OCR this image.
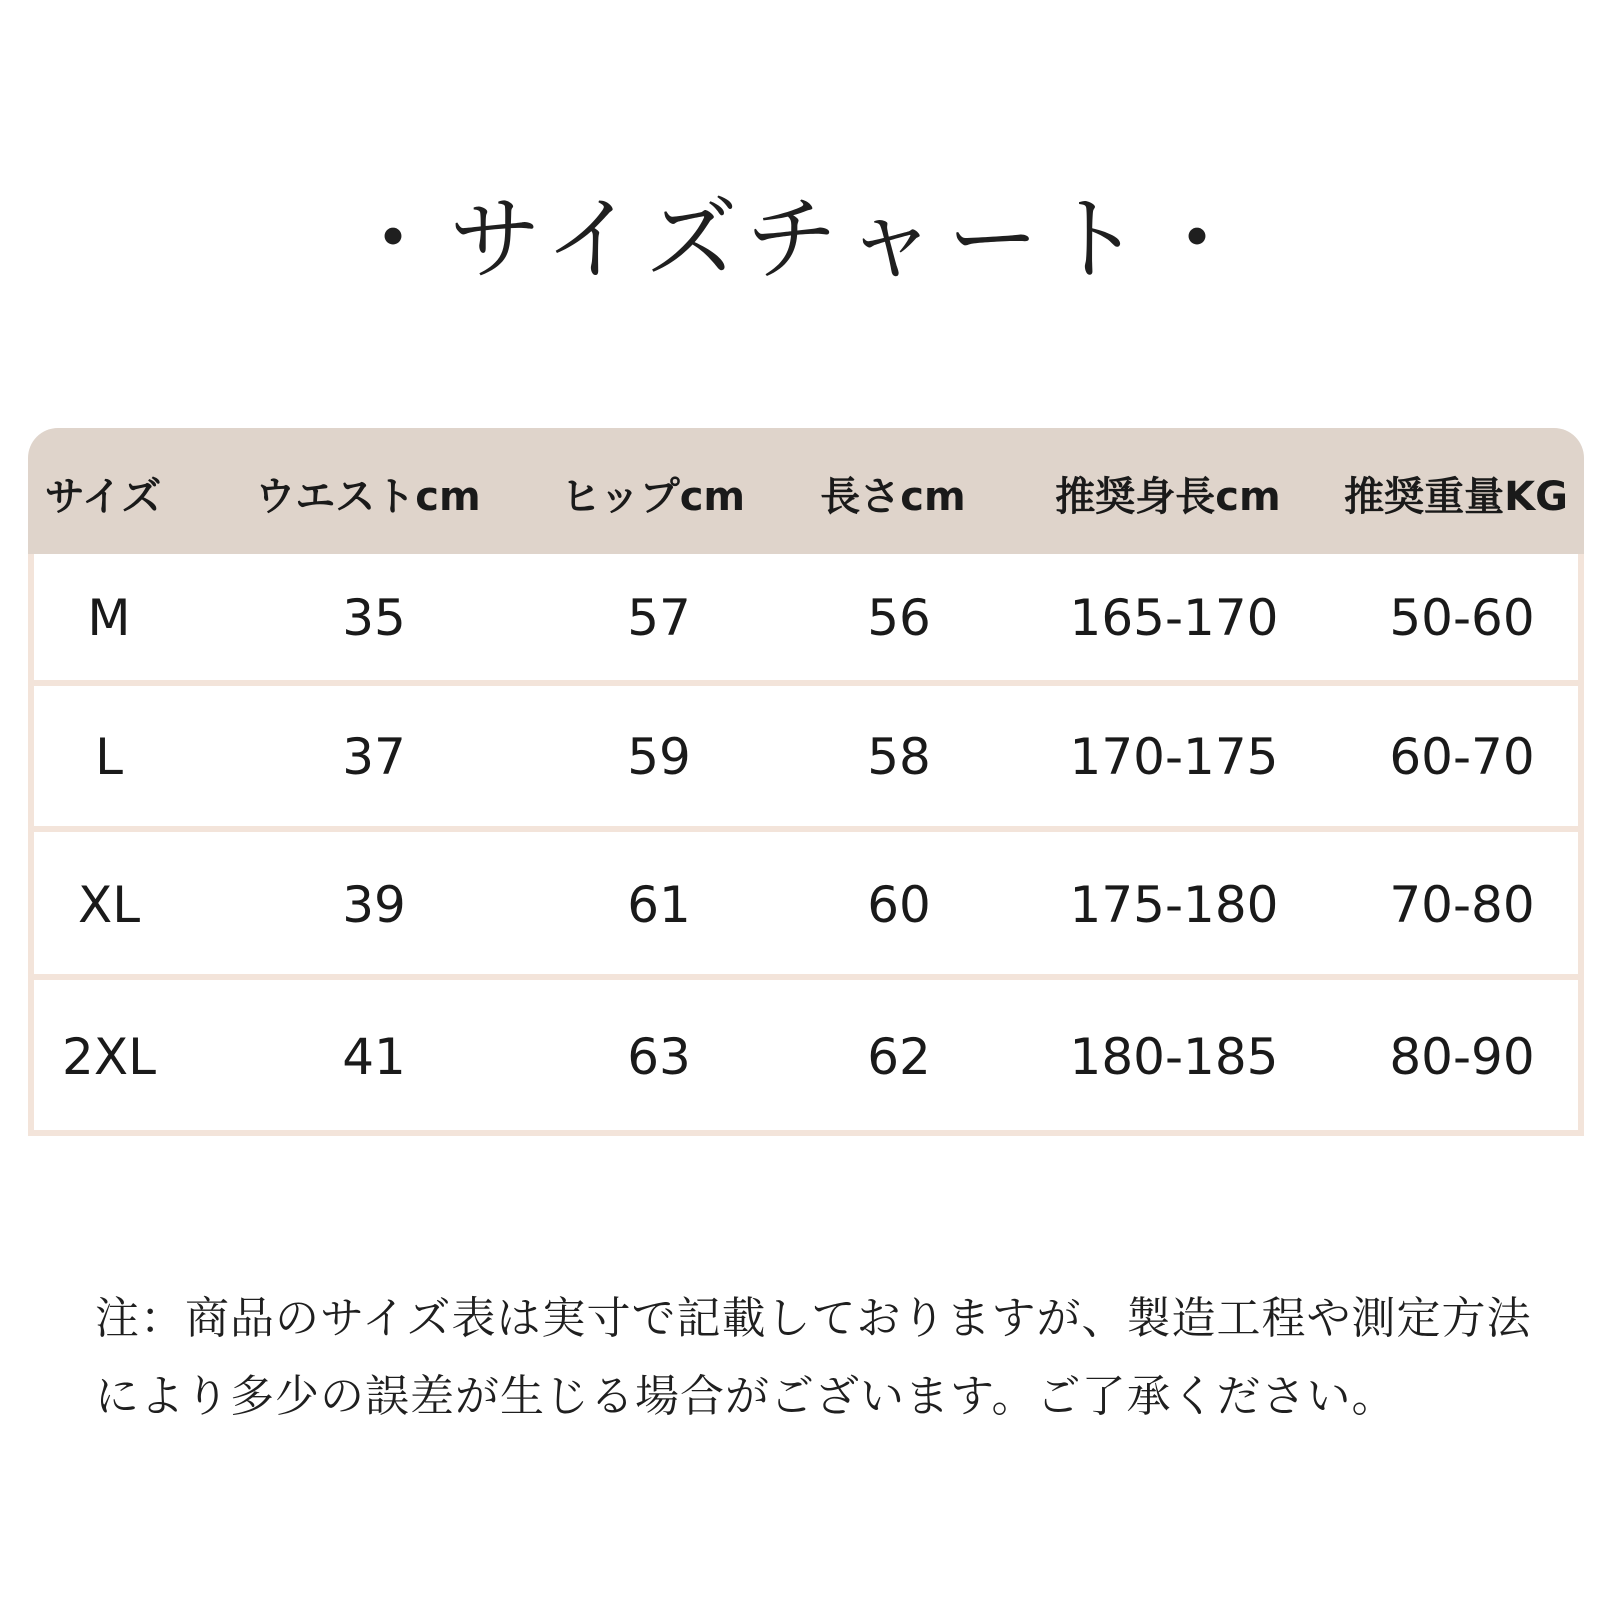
・サイズチャート・
サイズ	ウエストcm	ヒップcm	長さcm	推奨身長cm	推奨重量KG
M	35	57	56	165-170	50-60
L	37	59	58	170-175	60-70
XL	39	61	60	175-180	70-80
2XL	41	63	62	180-185	80-90
注：商品のサイズ表は実寸で記載しておりますが、製造工程や測定方法により多少の誤差が生じる場合がございます。ご了承ください。
